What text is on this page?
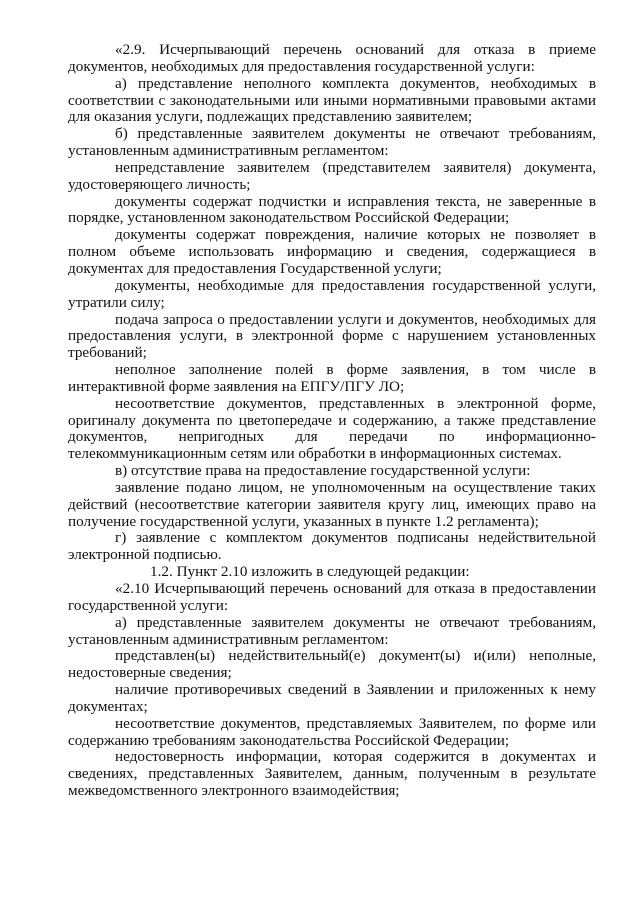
«2.9. Исчерпывающий перечень оснований для отказа в приеме документов, необходимых для предоставления государственной услуги:

а) представление неполного комплекта документов, необходимых в соответствии с законодательными или иными нормативными правовыми актами для оказания услуги, подлежащих представлению заявителем;

б) представленные заявителем документы не отвечают требованиям, установленным административным регламентом:

непредставление заявителем (представителем заявителя) документа, удостоверяющего личность;

документы содержат подчистки и исправления текста, не заверенные в порядке, установленном законодательством Российской Федерации;

документы содержат повреждения, наличие которых не позволяет в полном объеме использовать информацию и сведения, содержащиеся в документах для предоставления Государственной услуги;

документы, необходимые для предоставления государственной услуги, утратили силу;

подача запроса о предоставлении услуги и документов, необходимых для предоставления услуги, в электронной форме с нарушением установленных требований;

неполное заполнение полей в форме заявления, в том числе в интерактивной форме заявления на ЕПГУ/ПГУ ЛО;

несоответствие документов, представленных в электронной форме, оригиналу документа по цветопередаче и содержанию, а также представление документов, непригодных для передачи по информационно-телекоммуникационным сетям или обработки в информационных системах.

в) отсутствие права на предоставление государственной услуги:

заявление подано лицом, не уполномоченным на осуществление таких действий (несоответствие категории заявителя кругу лиц, имеющих право на получение государственной услуги, указанных в пункте 1.2 регламента);

г) заявление с комплектом документов подписаны недействительной электронной подписью.

1.2. Пункт 2.10 изложить в следующей редакции:

«2.10 Исчерпывающий перечень оснований для отказа в предоставлении государственной услуги:

а) представленные заявителем документы не отвечают требованиям, установленным административным регламентом:

представлен(ы) недействительный(е) документ(ы) и(или) неполные, недостоверные сведения;

наличие противоречивых сведений в Заявлении и приложенных к нему документах;

несоответствие документов, представляемых Заявителем, по форме или содержанию требованиям законодательства Российской Федерации;

недостоверность информации, которая содержится в документах и сведениях, представленных Заявителем, данным, полученным в результате межведомственного электронного взаимодействия;
